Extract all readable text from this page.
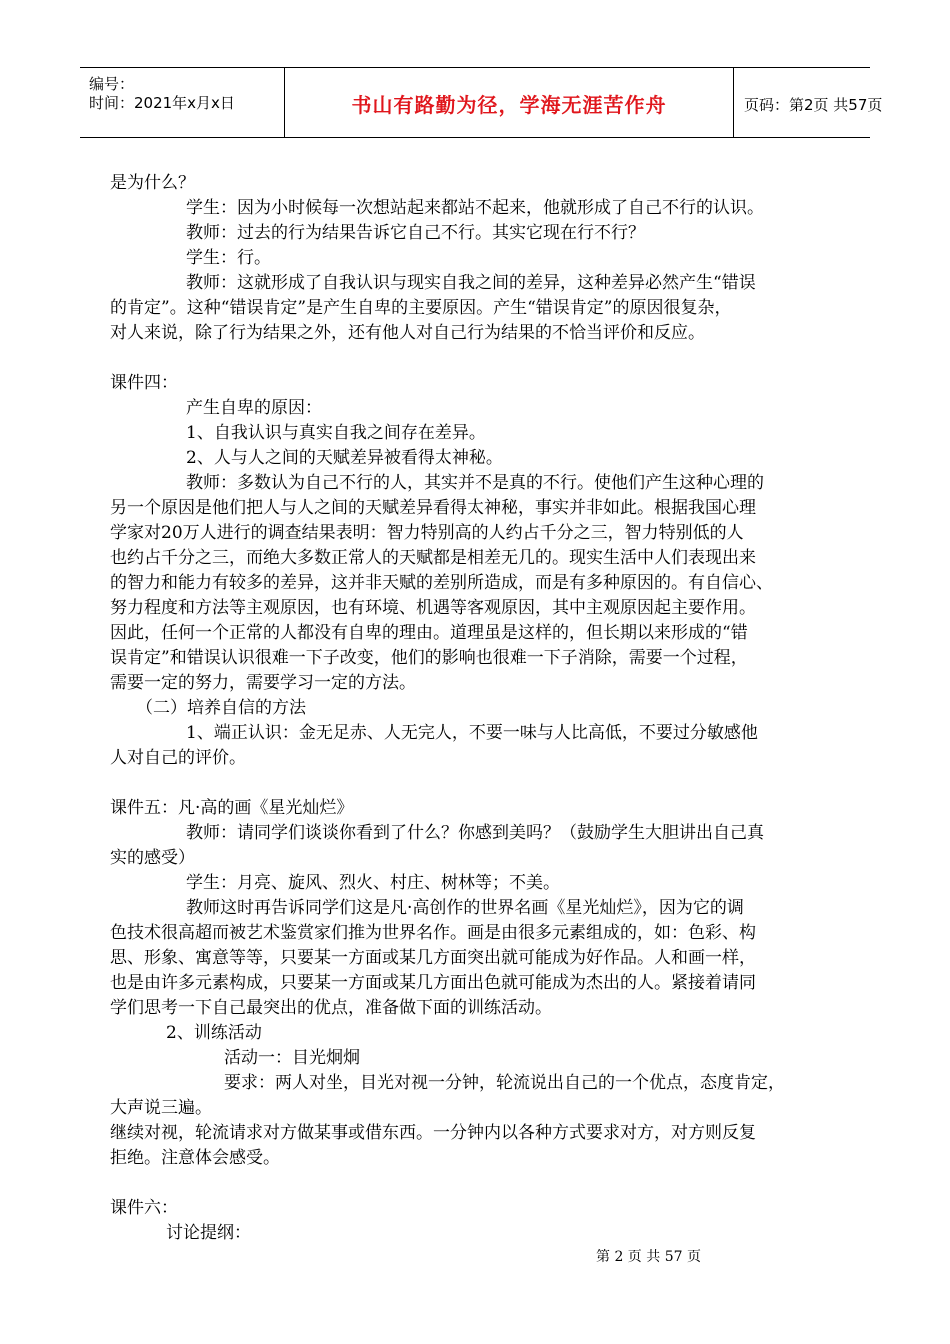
编号：
时间：2021年x月x日	书山有路勤为径，学海无涯苦作舟	页码：第2页 共57页
是为什么？
学生：因为小时候每一次想站起来都站不起来，他就形成了自己不行的认识。
教师：过去的行为结果告诉它自己不行。其实它现在行不行？
学生：行。
教师：这就形成了自我认识与现实自我之间的差异，这种差异必然产生“错误
的肯定”。这种“错误肯定”是产生自卑的主要原因。产生“错误肯定”的原因很复杂，
对人来说，除了行为结果之外，还有他人对自己行为结果的不恰当评价和反应。
课件四：
产生自卑的原因：
1、自我认识与真实自我之间存在差异。
2、人与人之间的天赋差异被看得太神秘。
教师：多数认为自己不行的人，其实并不是真的不行。使他们产生这种心理的
另一个原因是他们把人与人之间的天赋差异看得太神秘，事实并非如此。根据我国心理
学家对20万人进行的调查结果表明：智力特别高的人约占千分之三，智力特别低的人
也约占千分之三，而绝大多数正常人的天赋都是相差无几的。现实生活中人们表现出来
的智力和能力有较多的差异，这并非天赋的差别所造成，而是有多种原因的。有自信心、
努力程度和方法等主观原因，也有环境、机遇等客观原因，其中主观原因起主要作用。
因此，任何一个正常的人都没有自卑的理由。道理虽是这样的，但长期以来形成的“错
误肯定”和错误认识很难一下子改变，他们的影响也很难一下子消除，需要一个过程，
需要一定的努力，需要学习一定的方法。
（二）培养自信的方法
1、端正认识：金无足赤、人无完人，不要一味与人比高低，不要过分敏感他
人对自己的评价。
课件五：凡·高的画《星光灿烂》
教师：请同学们谈谈你看到了什么？你感到美吗？（鼓励学生大胆讲出自己真
实的感受）
学生：月亮、旋风、烈火、村庄、树林等；不美。
教师这时再告诉同学们这是凡·高创作的世界名画《星光灿烂》，因为它的调
色技术很高超而被艺术鉴赏家们推为世界名作。画是由很多元素组成的，如：色彩、构
思、形象、寓意等等，只要某一方面或某几方面突出就可能成为好作品。人和画一样，
也是由许多元素构成，只要某一方面或某几方面出色就可能成为杰出的人。紧接着请同
学们思考一下自己最突出的优点，准备做下面的训练活动。
2、训练活动
活动一：目光炯炯
要求：两人对坐，目光对视一分钟，轮流说出自己的一个优点，态度肯定，
大声说三遍。
继续对视，轮流请求对方做某事或借东西。一分钟内以各种方式要求对方，对方则反复
拒绝。注意体会感受。
课件六：
讨论提纲：
第 2 页 共 57 页
